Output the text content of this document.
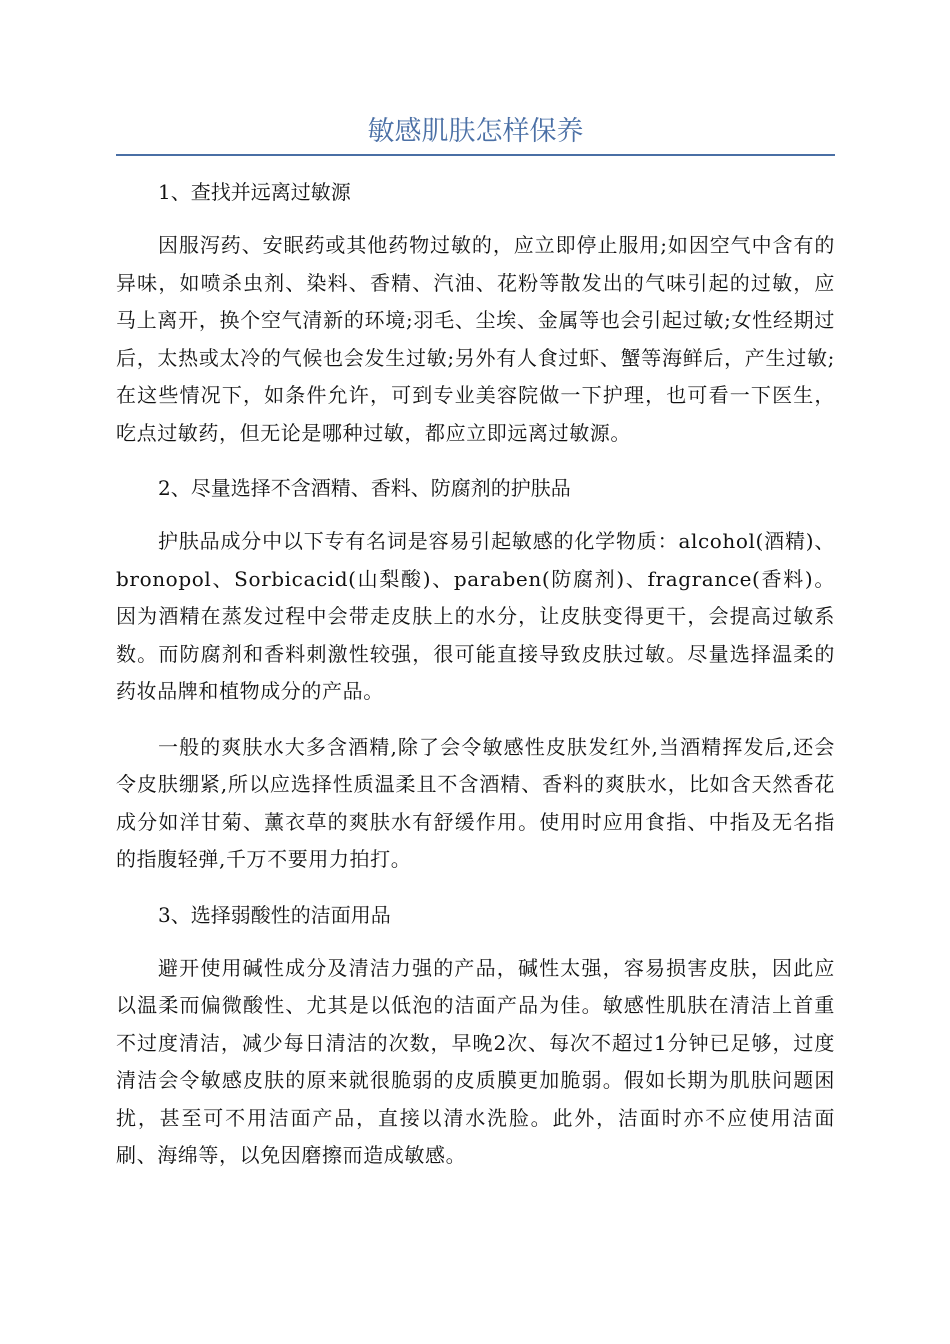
敏感肌肤怎样保养

1、查找并远离过敏源

因服泻药、安眠药或其他药物过敏的，应立即停止服用;如因空气中含有的异味，如喷杀虫剂、染料、香精、汽油、花粉等散发出的气味引起的过敏，应马上离开，换个空气清新的环境;羽毛、尘埃、金属等也会引起过敏;女性经期过后，太热或太冷的气候也会发生过敏;另外有人食过虾、蟹等海鲜后，产生过敏;在这些情况下，如条件允许，可到专业美容院做一下护理，也可看一下医生，吃点过敏药，但无论是哪种过敏，都应立即远离过敏源。

2、尽量选择不含酒精、香料、防腐剂的护肤品

护肤品成分中以下专有名词是容易引起敏感的化学物质：alcohol(酒精)、bronopol、Sorbicacid(山梨酸)、paraben(防腐剂)、fragrance(香料)。因为酒精在蒸发过程中会带走皮肤上的水分，让皮肤变得更干，会提高过敏系数。而防腐剂和香料刺激性较强，很可能直接导致皮肤过敏。尽量选择温柔的药妆品牌和植物成分的产品。

一般的爽肤水大多含酒精,除了会令敏感性皮肤发红外,当酒精挥发后,还会令皮肤绷紧,所以应选择性质温柔且不含酒精、香料的爽肤水，比如含天然香花成分如洋甘菊、薰衣草的爽肤水有舒缓作用。使用时应用食指、中指及无名指的指腹轻弹,千万不要用力拍打。

3、选择弱酸性的洁面用品

避开使用碱性成分及清洁力强的产品，碱性太强，容易损害皮肤，因此应以温柔而偏微酸性、尤其是以低泡的洁面产品为佳。敏感性肌肤在清洁上首重不过度清洁，减少每日清洁的次数，早晚2次、每次不超过1分钟已足够，过度清洁会令敏感皮肤的原来就很脆弱的皮质膜更加脆弱。假如长期为肌肤问题困扰，甚至可不用洁面产品，直接以清水洗脸。此外，洁面时亦不应使用洁面刷、海绵等，以免因磨擦而造成敏感。
